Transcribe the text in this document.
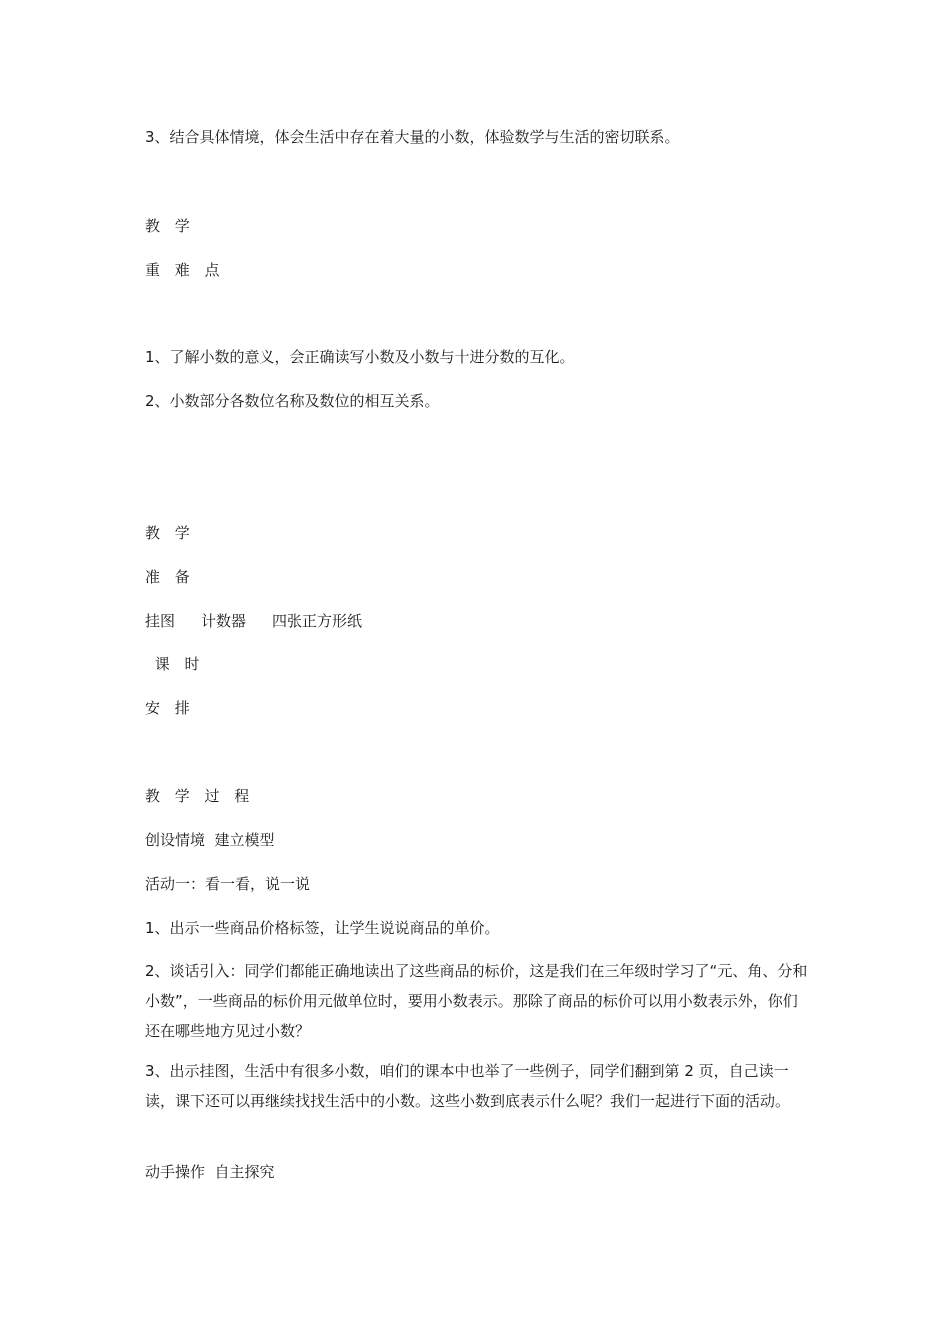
3、结合具体情境，体会生活中存在着大量的小数，体验数学与生活的密切联系。

教 学

重 难 点

1、了解小数的意义，会正确读写小数及小数与十进分数的互化。

2、小数部分各数位名称及数位的相互关系。

教 学

准 备

挂图 计数器 四张正方形纸

课 时

安 排

教 学 过 程

创设情境  建立模型

活动一：看一看，说一说

1、出示一些商品价格标签，让学生说说商品的单价。

2、谈话引入：同学们都能正确地读出了这些商品的标价，这是我们在三年级时学习了“元、角、分和小数”，一些商品的标价用元做单位时，要用小数表示。那除了商品的标价可以用小数表示外，你们还在哪些地方见过小数？

3、出示挂图，生活中有很多小数，咱们的课本中也举了一些例子，同学们翻到第 2 页，自己读一读，课下还可以再继续找找生活中的小数。这些小数到底表示什么呢？我们一起进行下面的活动。

动手操作  自主探究
